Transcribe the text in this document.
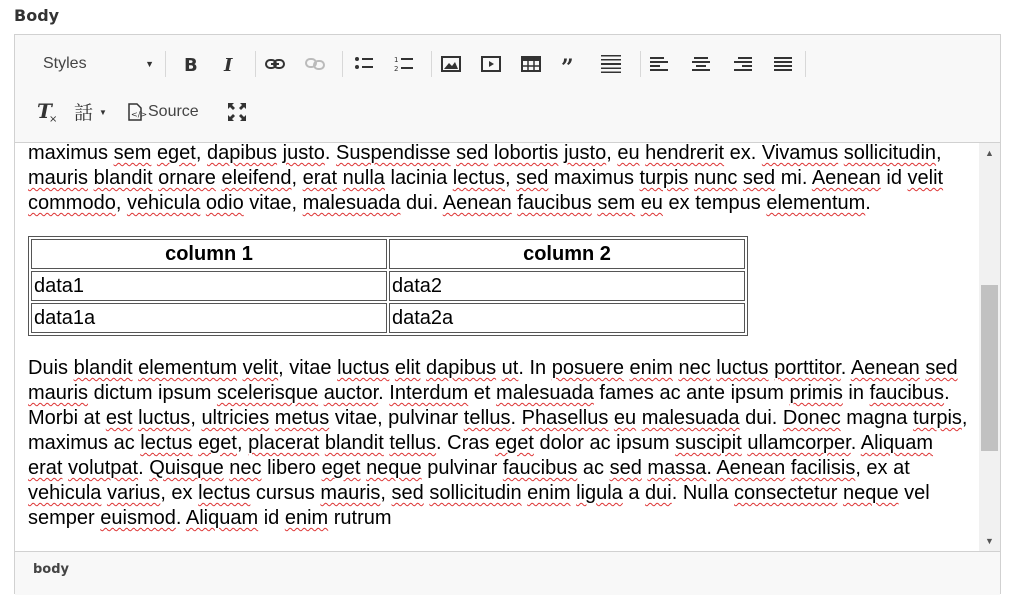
Body
Styles	▼ B I	1
2	”
T
× 話 ▼	</> Source

maximus sem eget, dapibus justo. Suspendisse sed lobortis justo, eu hendrerit ex. Vivamus sollicitudin, mauris blandit ornare eleifend, erat nulla lacinia lectus, sed maximus turpis nunc sed mi. Aenean id velit commodo, vehicula odio vitae, malesuada dui. Aenean faucibus sem eu ex tempus elementum.

column 1	column 2
data1	data2
data1a	data2a

Duis blandit elementum velit, vitae luctus elit dapibus ut. In posuere enim nec luctus porttitor. Aenean sed mauris dictum ipsum scelerisque auctor. Interdum et malesuada fames ac ante ipsum primis in faucibus. Morbi at est luctus, ultricies metus vitae, pulvinar tellus. Phasellus eu malesuada dui. Donec magna turpis, maximus ac lectus eget, placerat blandit tellus. Cras eget dolor ac ipsum suscipit ullamcorper. Aliquam erat volutpat. Quisque nec libero eget neque pulvinar faucibus ac sed massa. Aenean facilisis, ex at vehicula varius, ex lectus cursus mauris, sed sollicitudin enim ligula a dui. Nulla consectetur neque vel semper euismod. Aliquam id enim rutrum

▲
▼
body
